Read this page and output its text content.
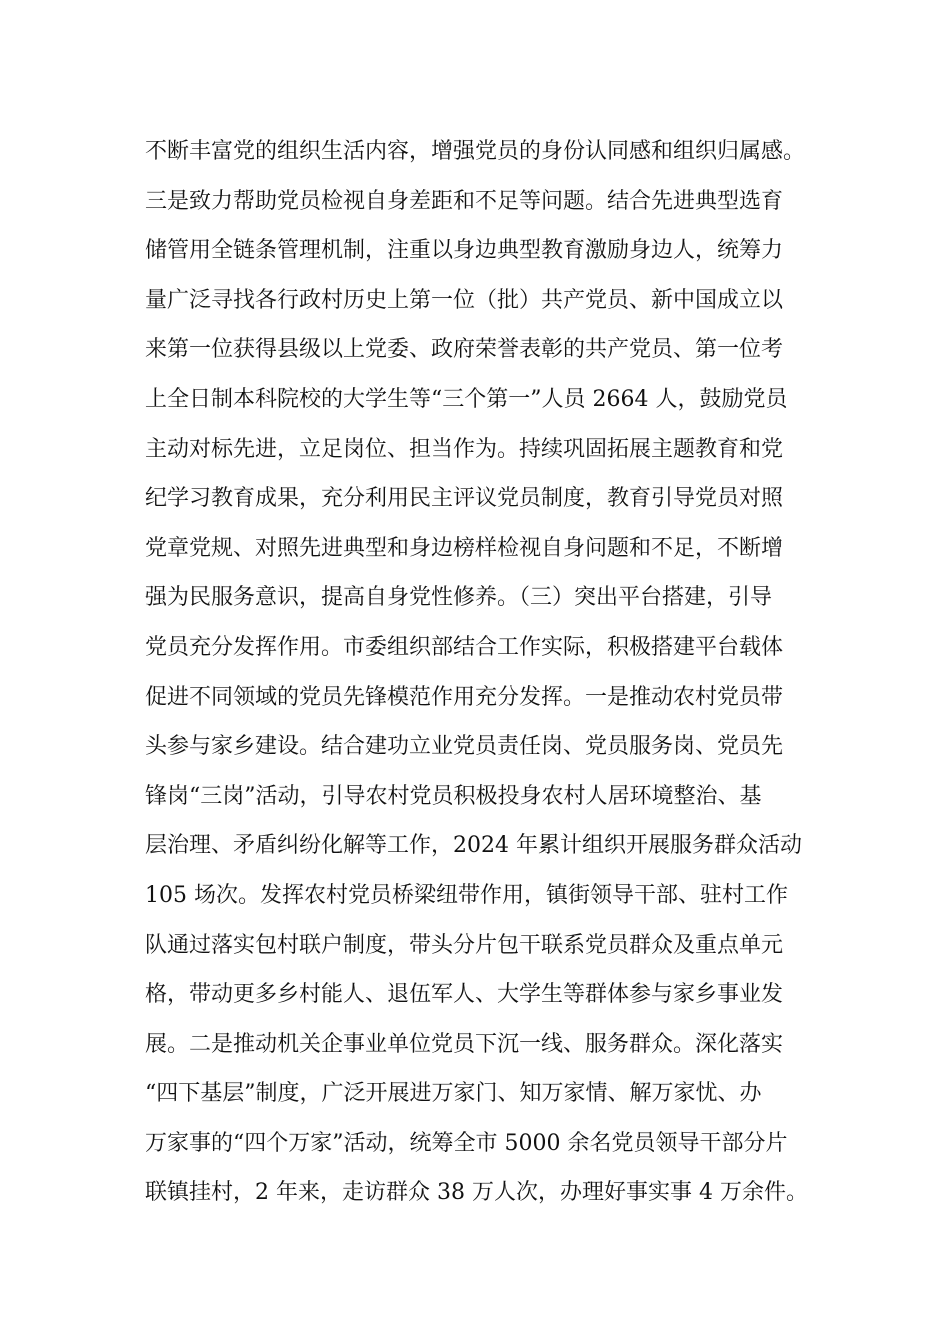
不断丰富党的组织生活内容，增强党员的身份认同感和组织归属感。
三是致力帮助党员检视自身差距和不足等问题。结合先进典型选育
储管用全链条管理机制，注重以身边典型教育激励身边人，统筹力
量广泛寻找各行政村历史上第一位（批）共产党员、新中国成立以
来第一位获得县级以上党委、政府荣誉表彰的共产党员、第一位考
上全日制本科院校的大学生等“三个第一”人员 2664 人，鼓励党员
主动对标先进，立足岗位、担当作为。持续巩固拓展主题教育和党
纪学习教育成果，充分利用民主评议党员制度，教育引导党员对照
党章党规、对照先进典型和身边榜样检视自身问题和不足，不断增
强为民服务意识，提高自身党性修养。（三）突出平台搭建，引导
党员充分发挥作用。市委组织部结合工作实际，积极搭建平台载体
促进不同领域的党员先锋模范作用充分发挥。一是推动农村党员带
头参与家乡建设。结合建功立业党员责任岗、党员服务岗、党员先
锋岗“三岗”活动，引导农村党员积极投身农村人居环境整治、基
层治理、矛盾纠纷化解等工作，2024 年累计组织开展服务群众活动
105 场次。发挥农村党员桥梁纽带作用，镇街领导干部、驻村工作
队通过落实包村联户制度，带头分片包干联系党员群众及重点单元
格，带动更多乡村能人、退伍军人、大学生等群体参与家乡事业发
展。二是推动机关企事业单位党员下沉一线、服务群众。深化落实
“四下基层”制度，广泛开展进万家门、知万家情、解万家忧、办
万家事的“四个万家”活动，统筹全市 5000 余名党员领导干部分片
联镇挂村，2 年来，走访群众 38 万人次，办理好事实事 4 万余件。
